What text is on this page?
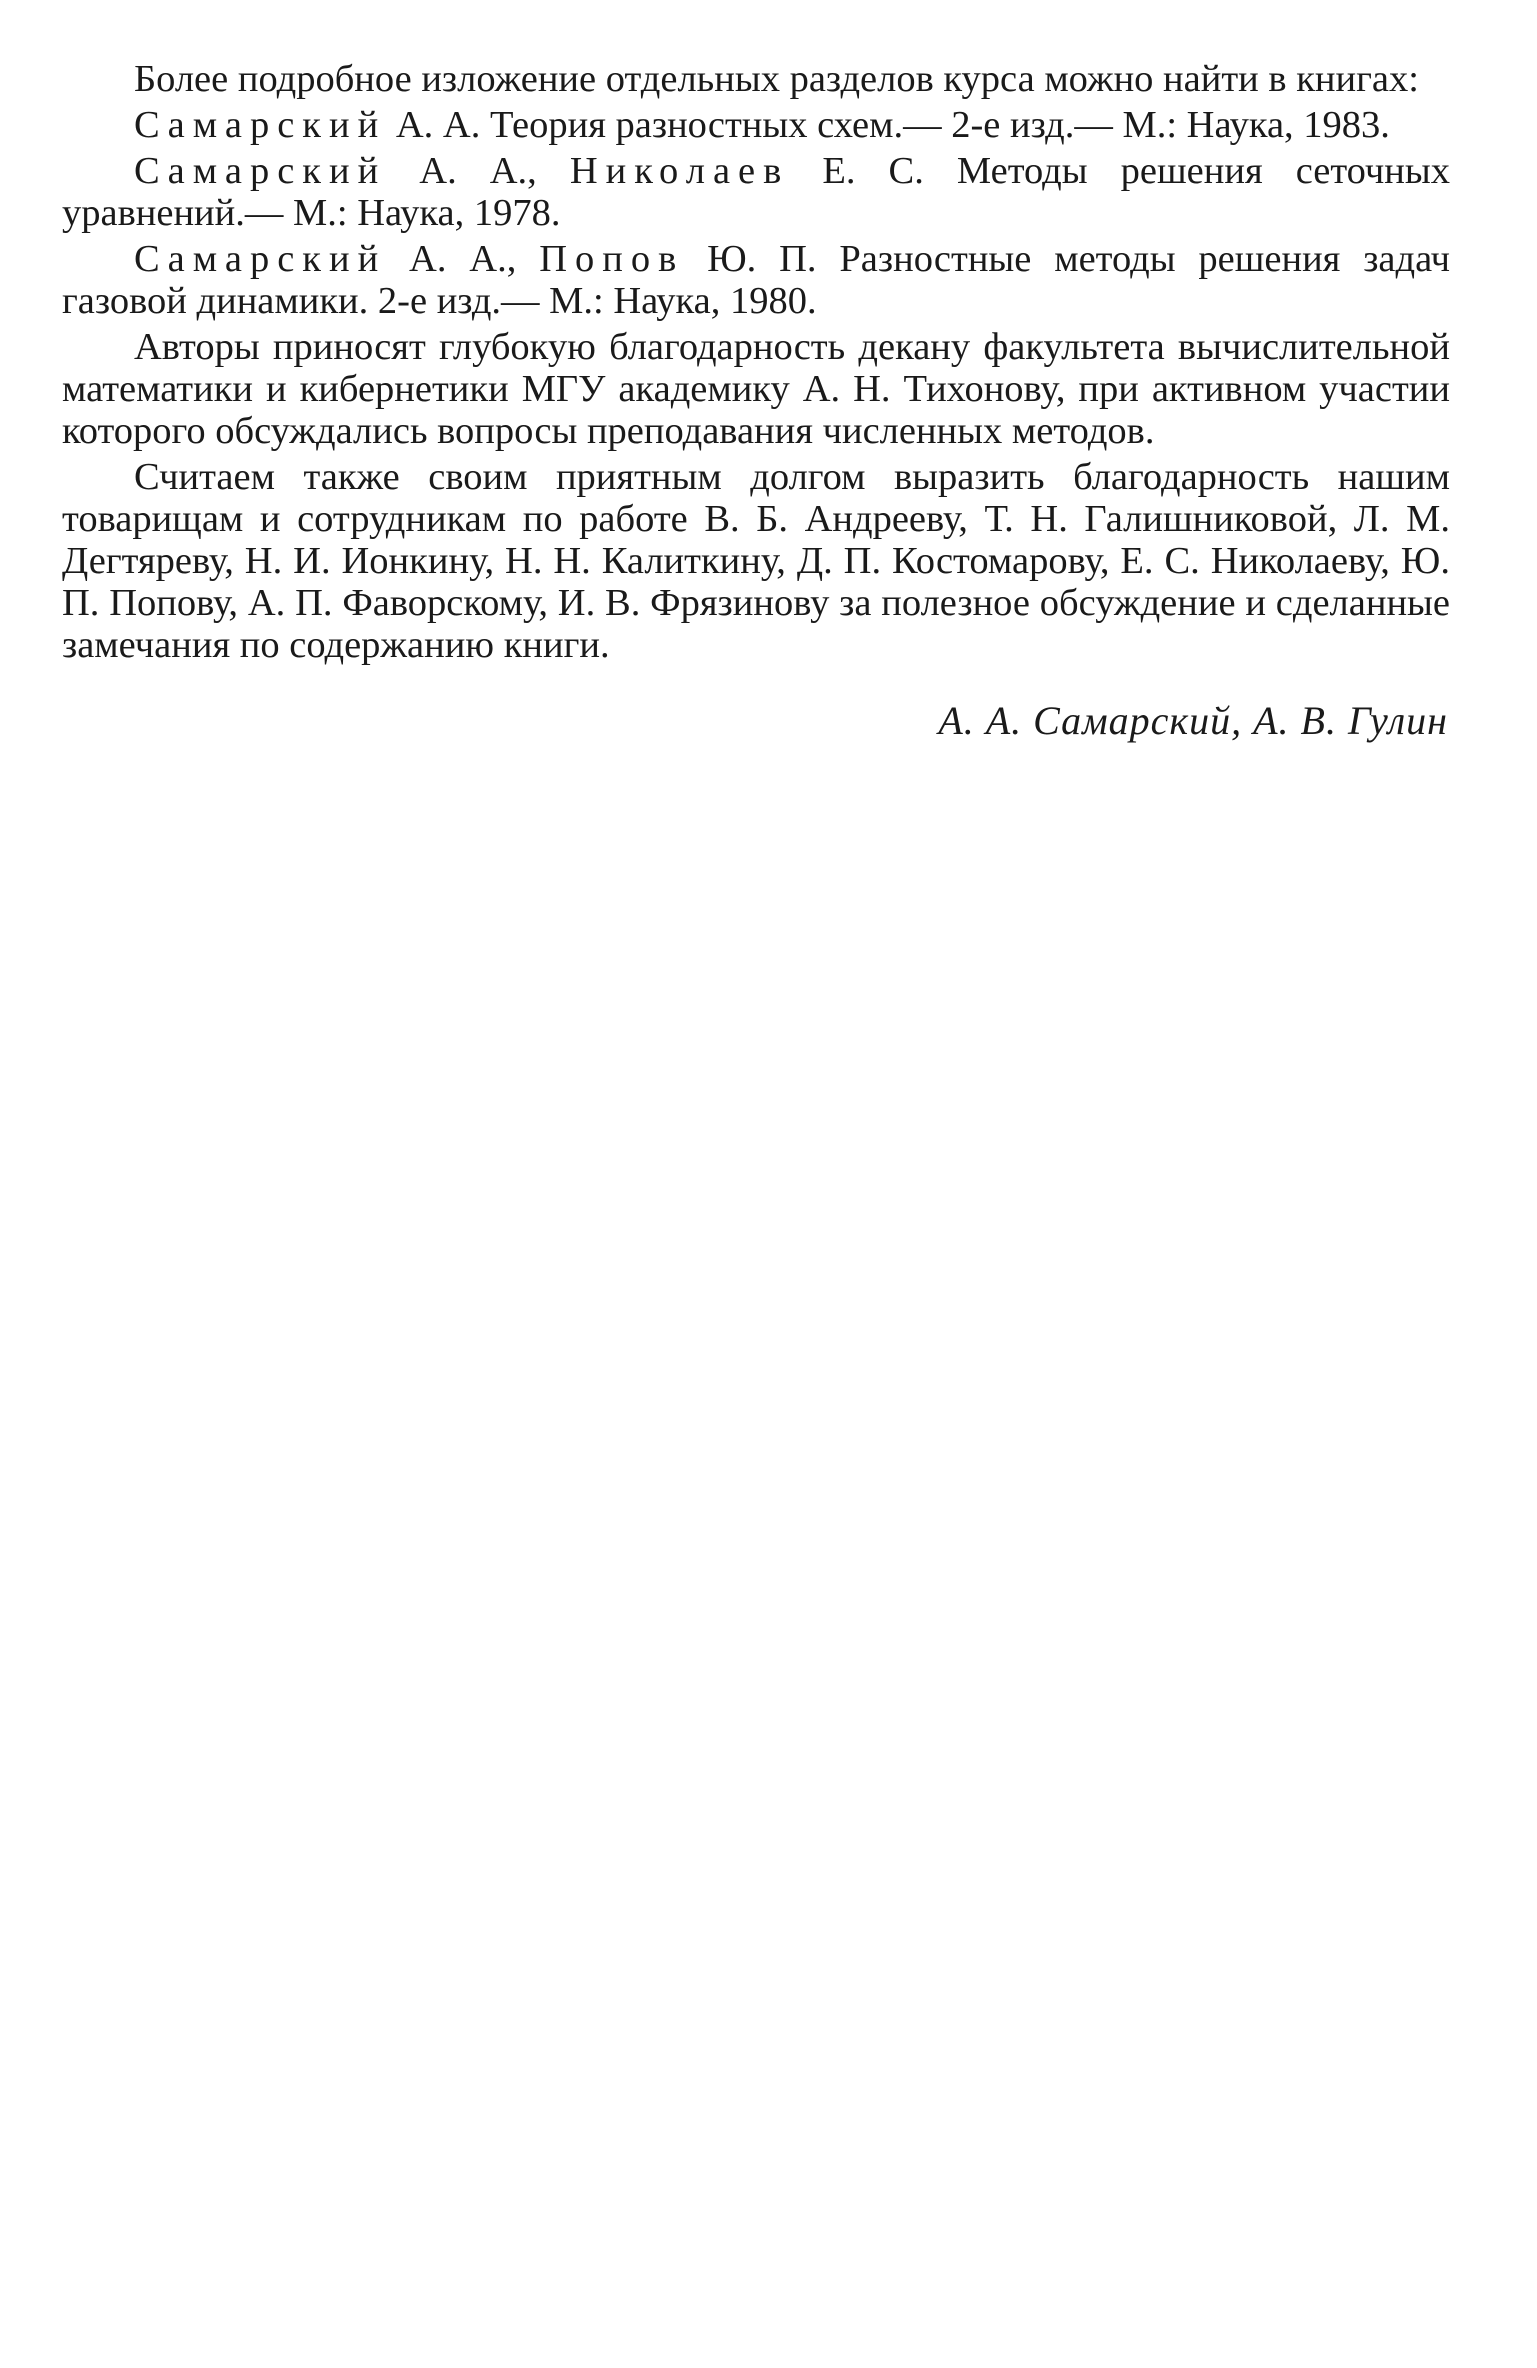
Более подробное изложение отдельных разделов курса можно найти в книгах:

Самарский А. А. Теория разностных схем.— 2-е изд.— М.: Наука, 1983.

Самарский А. А., Николаев Е. С. Методы решения сеточных уравнений.— М.: Наука, 1978.

Самарский А. А., Попов Ю. П. Разностные методы решения задач газовой динамики. 2-е изд.— М.: Наука, 1980.

Авторы приносят глубокую благодарность декану факультета вычислительной математики и кибернетики МГУ академику А. Н. Тихонову, при активном участии которого обсуждались вопросы преподавания численных методов.

Считаем также своим приятным долгом выразить благодарность нашим товарищам и сотрудникам по работе В. Б. Андрееву, Т. Н. Галишниковой, Л. М. Дегтяреву, Н. И. Ионкину, Н. Н. Калиткину, Д. П. Костомарову, Е. С. Николаеву, Ю. П. Попову, А. П. Фаворскому, И. В. Фрязинову за полезное обсуждение и сделанные замечания по содержанию книги.

А. А. Самарский, А. В. Гулин
